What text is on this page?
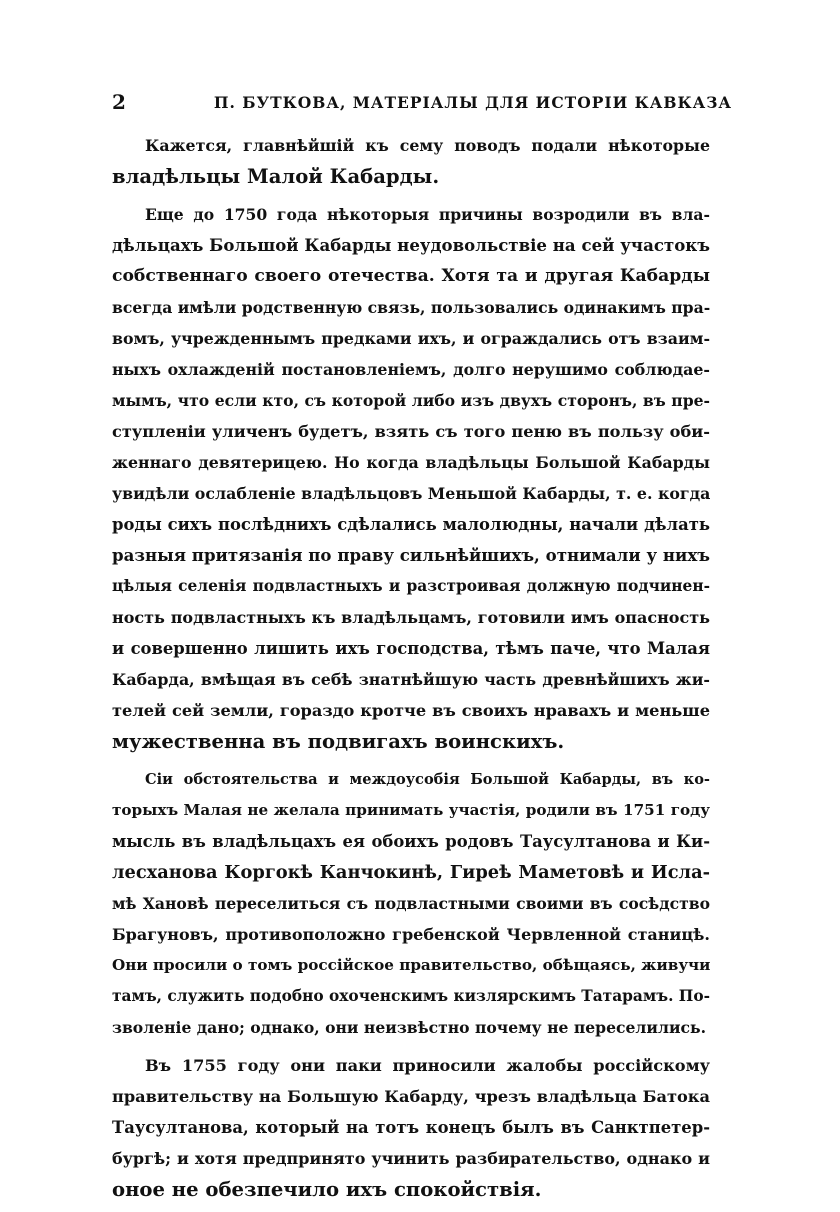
2	П. БУТКОВА, МАТЕРІАЛЫ ДЛЯ ИСТОРІИ КАВКАЗА
Кажется, главнѣйшій къ сему поводъ подали нѣкоторые
владѣльцы Малой Кабарды.
Еще до 1750 года нѣкоторыя причины возродили въ вла-
дѣльцахъ Большой Кабарды неудовольствіе на сей участокъ
собственнаго своего отечества. Хотя та и другая Кабарды
всегда имѣли родственную связь, пользовались одинакимъ пра-
вомъ, учрежденнымъ предками ихъ, и ограждались отъ взаим-
ныхъ охлажденій постановленіемъ, долго нерушимо соблюдае-
мымъ, что если кто, съ которой либо изъ двухъ сторонъ, въ пре-
ступленіи уличенъ будетъ, взять съ того пеню въ пользу оби-
женнаго девятерицею. Но когда владѣльцы Большой Кабарды
увидѣли ослабленіе владѣльцовъ Меньшой Кабарды, т. е. когда
роды сихъ послѣднихъ сдѣлались малолюдны, начали дѣлать
разныя притязанія по праву сильнѣйшихъ, отнимали у нихъ
цѣлыя селенія подвластныхъ и разстроивая должную подчинен-
ность подвластныхъ къ владѣльцамъ, готовили имъ опасность
и совершенно лишить ихъ господства, тѣмъ паче, что Малая
Кабарда, вмѣщая въ себѣ знатнѣйшую часть древнѣйшихъ жи-
телей сей земли, гораздо кротче въ своихъ нравахъ и меньше
мужественна въ подвигахъ воинскихъ.
Сіи обстоятельства и междоусобія Большой Кабарды, въ ко-
торыхъ Малая не желала принимать участія, родили въ 1751 году
мысль въ владѣльцахъ ея обоихъ родовъ Таусултанова и Ки-
лесханова Коргокѣ Канчокинѣ, Гиреѣ Маметовѣ и Исла-
мѣ Хановѣ переселиться съ подвластными своими въ сосѣдство
Брагуновъ, противоположно гребенской Червленной станицѣ.
Они просили о томъ россійское правительство, обѣщаясь, живучи
тамъ, служить подобно охоченскимъ кизлярскимъ Татарамъ. По-
зволеніе дано; однако, они неизвѣстно почему не переселились.
Въ 1755 году они паки приносили жалобы россійскому
правительству на Большую Кабарду, чрезъ владѣльца Батока
Таусултанова, который на тотъ конецъ былъ въ Санктпетер-
бургѣ; и хотя предпринято учинить разбирательство, однако и
оное не обезпечило ихъ спокойствія.
